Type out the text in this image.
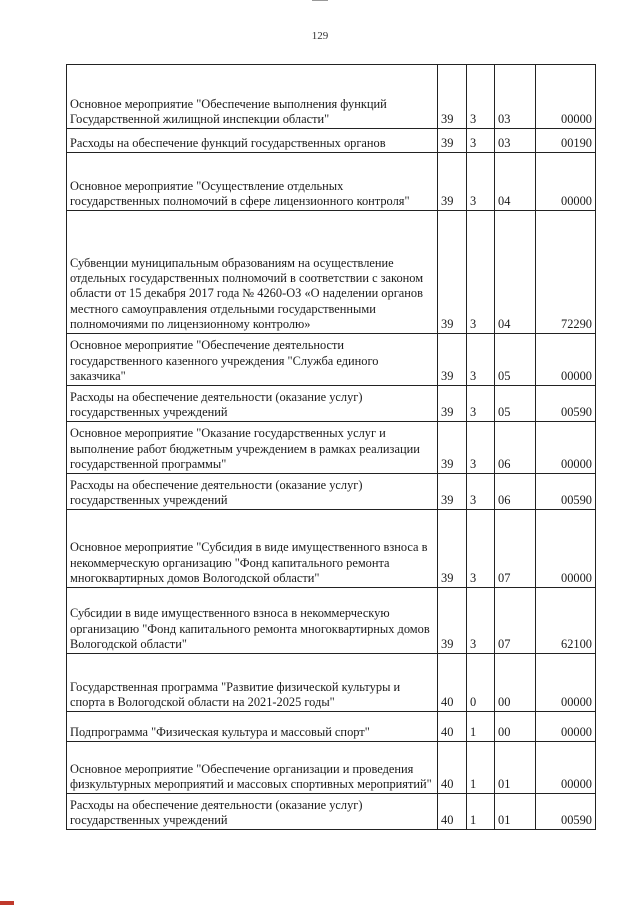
129
Основное мероприятие "Обеспечение выполнения функций Государственной жилищной инспекции области"	39	3	03	00000
Расходы на обеспечение функций государственных органов	39	3	03	00190
Основное мероприятие "Осуществление отдельных государственных полномочий в сфере лицензионного контроля"	39	3	04	00000
Субвенции муниципальным образованиям на осуществление отдельных государственных полномочий в соответствии с законом области от 15 декабря 2017 года № 4260-ОЗ «О наделении органов местного самоуправления отдельными государственными полномочиями по лицензионному контролю»	39	3	04	72290
Основное мероприятие "Обеспечение деятельности государственного казенного учреждения "Служба единого заказчика"	39	3	05	00000
Расходы на обеспечение деятельности (оказание услуг) государственных учреждений	39	3	05	00590
Основное мероприятие "Оказание государственных услуг и выполнение работ бюджетным учреждением в рамках реализации государственной программы"	39	3	06	00000
Расходы на обеспечение деятельности (оказание услуг) государственных учреждений	39	3	06	00590
Основное мероприятие "Субсидия в виде имущественного взноса в некоммерческую организацию "Фонд капитального ремонта многоквартирных домов Вологодской области"	39	3	07	00000
Субсидии в виде имущественного взноса в некоммерческую организацию "Фонд капитального ремонта многоквартирных домов Вологодской области"	39	3	07	62100
Государственная программа "Развитие физической культуры и спорта в Вологодской области на 2021-2025 годы"	40	0	00	00000
Подпрограмма "Физическая культура и массовый спорт"	40	1	00	00000
Основное мероприятие "Обеспечение организации и проведения физкультурных мероприятий и массовых спортивных мероприятий"	40	1	01	00000
Расходы на обеспечение деятельности (оказание услуг) государственных учреждений	40	1	01	00590
